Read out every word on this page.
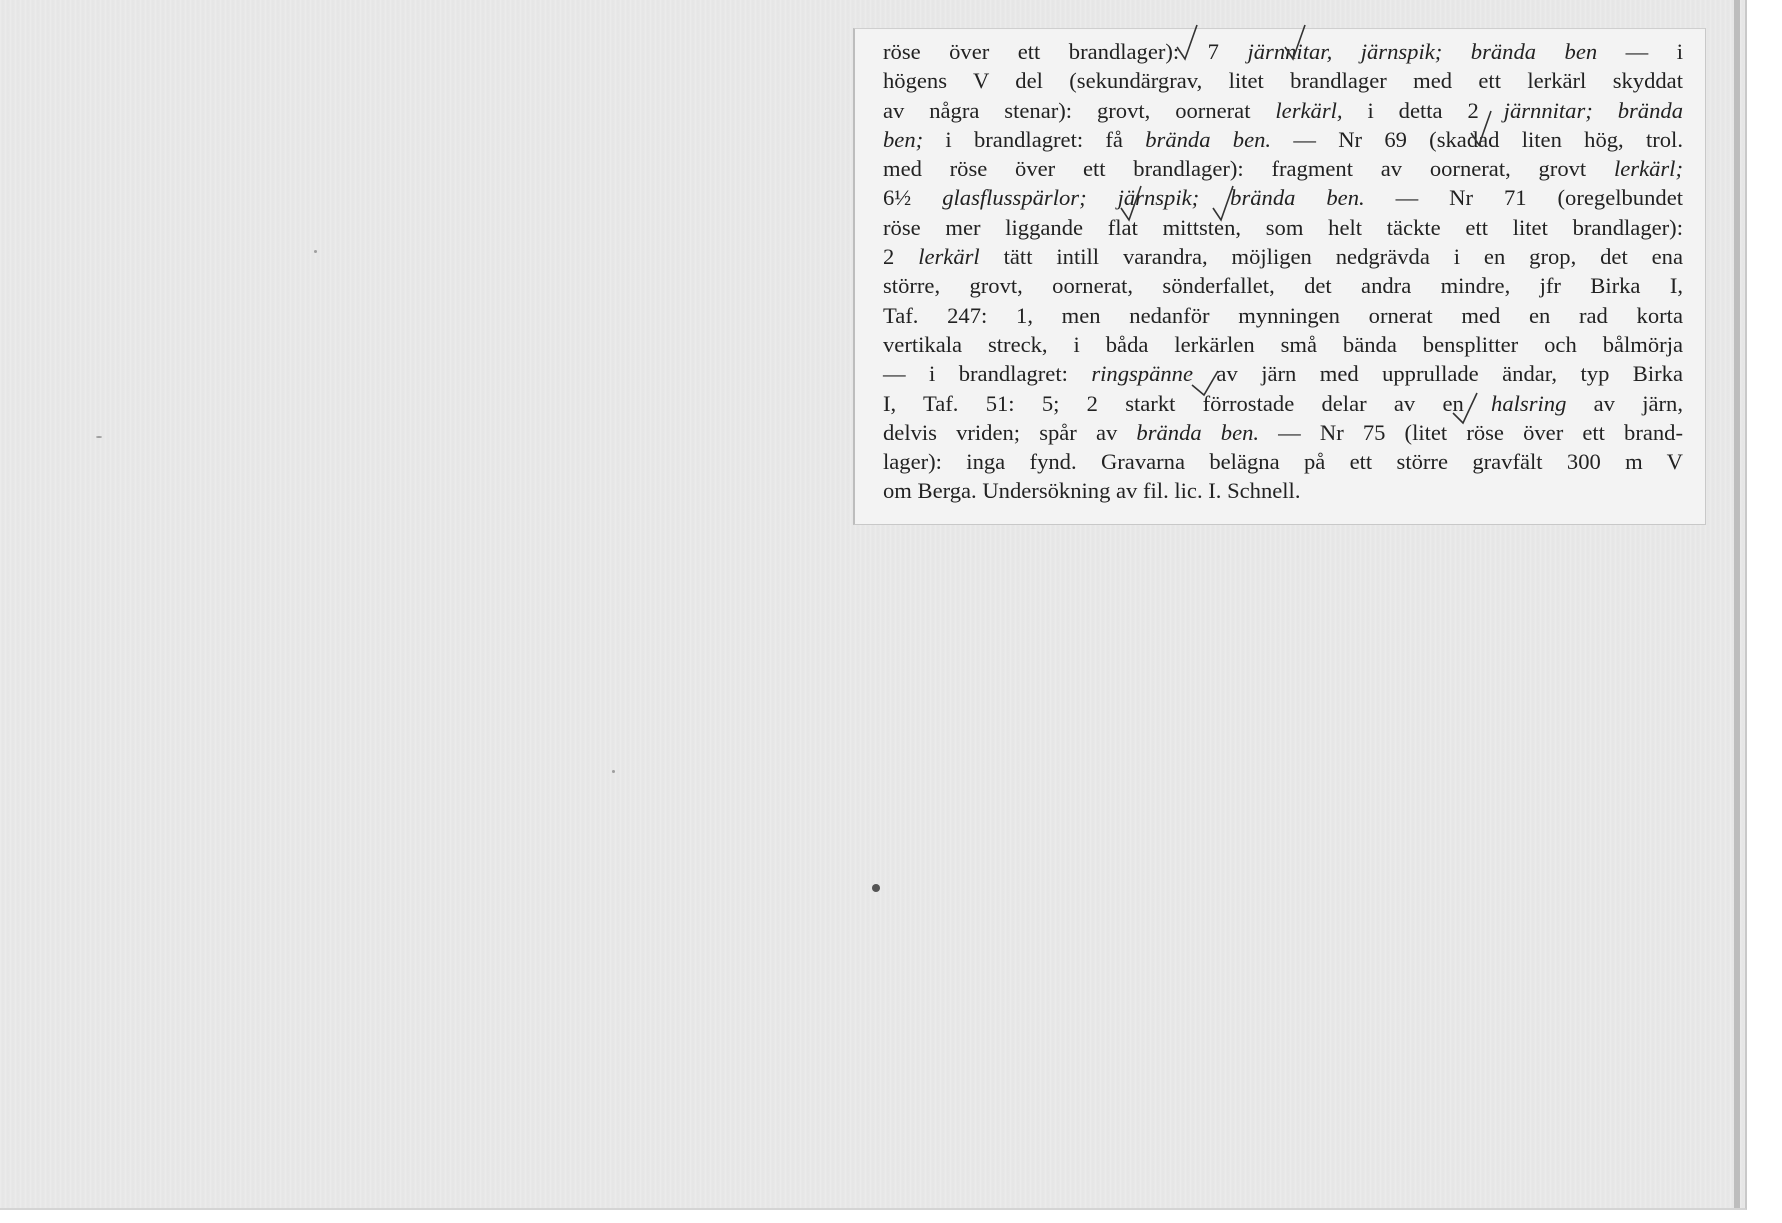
röse över ett brandlager): 7 järnnitar, järnspik; brända ben — i
högens V del (sekundärgrav, litet brandlager med ett lerkärl skyddat
av några stenar): grovt, oornerat lerkärl, i detta 2 järnnitar; brända
ben; i brandlagret: få brända ben. — Nr 69 (skadad liten hög, trol.
med röse över ett brandlager): fragment av oornerat, grovt lerkärl;
6½ glasflusspärlor; järnspik; brända ben. — Nr 71 (oregelbundet
röse mer liggande flat mittsten, som helt täckte ett litet brandlager):
2 lerkärl tätt intill varandra, möjligen nedgrävda i en grop, det ena
större, grovt, oornerat, sönderfallet, det andra mindre, jfr Birka I,
Taf. 247: 1, men nedanför mynningen ornerat med en rad korta
vertikala streck, i båda lerkärlen små bända bensplitter och bålmörja
— i brandlagret: ringspänne av järn med upprullade ändar, typ Birka
I, Taf. 51: 5; 2 starkt förrostade delar av en halsring av järn,
delvis vriden; spår av brända ben. — Nr 75 (litet röse över ett brand-
lager): inga fynd. Gravarna belägna på ett större gravfält 300 m V
om Berga. Undersökning av fil. lic. I. Schnell.
